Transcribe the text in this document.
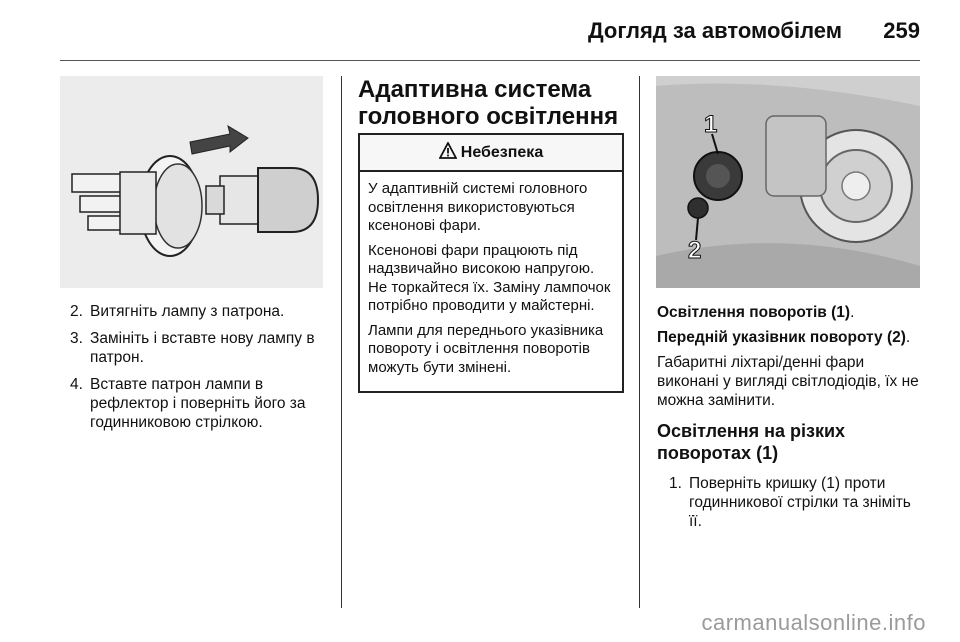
Догляд за автомобілем 259
2. Витягніть лампу з патрона.
3. Замініть і вставте нову лампу в патрон.
4. Вставте патрон лампи в рефлектор і поверніть його за годинниковою стрілкою.
Адаптивна система головного освітлення
Небезпека

У адаптивній системі головного освітлення використовуються ксенонові фари.

Ксенонові фари працюють під надзвичайно високою напругою. Не торкайтеся їх. Заміну лампочок потрібно проводити у майстерні.

Лампи для переднього указівника повороту і освітлення поворотів можуть бути змінені.

1
2

Освітлення поворотів (1).

Передній указівник повороту (2).

Габаритні ліхтарі/денні фари виконані у вигляді світлодіодів, їх не можна замінити.

Освітлення на різких поворотах (1)
1. Поверніть кришку (1) проти годинникової стрілки та зніміть її.
carmanualsonline.info
